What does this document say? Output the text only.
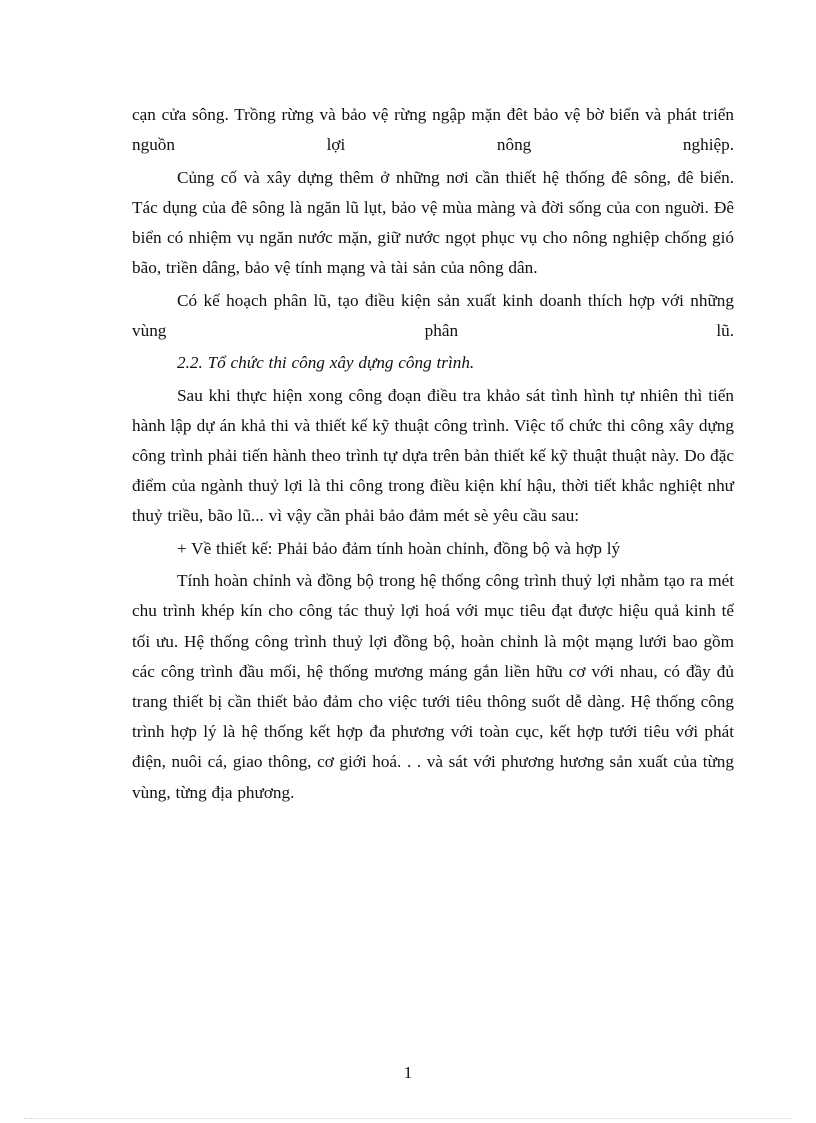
cạn cửa sông. Trồng rừng và bảo vệ rừng ngập mặn đêt bảo vệ bờ biển và phát triển nguồn lợi nông nghiệp.

Củng cố và xây dựng thêm ở những nơi cần thiết hệ thống đê sông, đê biển. Tác dụng của đê sông là ngăn lũ lụt, bảo vệ mùa màng và đời sống của con nguời. Đê biển có nhiệm vụ ngăn nước mặn, giữ nước ngọt phục vụ cho nông nghiệp chống gió bão, triền dâng, bảo vệ tính mạng và tài sản của nông dân.

Có kế hoạch phân lũ, tạo điều kiện sản xuất kinh doanh thích hợp với những vùng phân lũ.

2.2. Tổ chức thi công xây dựng công trình.

Sau khi thực hiện xong công đoạn điều tra khảo sát tình hình tự nhiên thì tiến hành lập dự án khả thi và thiết kế kỹ thuật công trình. Việc tổ chức thi công xây dựng công trình phải tiến hành theo trình tự dựa trên bản thiết kế kỹ thuật thuật này. Do đặc điểm của ngành thuỷ lợi là thi công trong điều kiện khí hậu, thời tiết khắc nghiệt như thuỷ triều, bão lũ... vì vậy cần phải bảo đảm mét sè yêu cầu sau:

+ Về thiết kế: Phải bảo đảm tính hoàn chỉnh, đồng bộ và hợp lý

Tính hoàn chỉnh và đồng bộ trong hệ thống công trình thuỷ lợi nhằm tạo ra mét chu trình khép kín cho công tác thuỷ lợi hoá với mục tiêu đạt được hiệu quả kinh tế tối ưu. Hệ thống công trình thuỷ lợi đồng bộ, hoàn chỉnh là một mạng lưới bao gồm các công trình đầu mối, hệ thống mương máng gắn liền hữu cơ với nhau, có đầy đủ trang thiết bị cần thiết bảo đảm cho việc tưới tiêu thông suốt dễ dàng. Hệ thống công trình hợp lý là hệ thống kết hợp đa phương với toàn cục, kết hợp tưới tiêu với phát điện, nuôi cá, giao thông, cơ giới hoá. . . và sát với phương hương sản xuất của từng vùng, từng địa phương.

1
